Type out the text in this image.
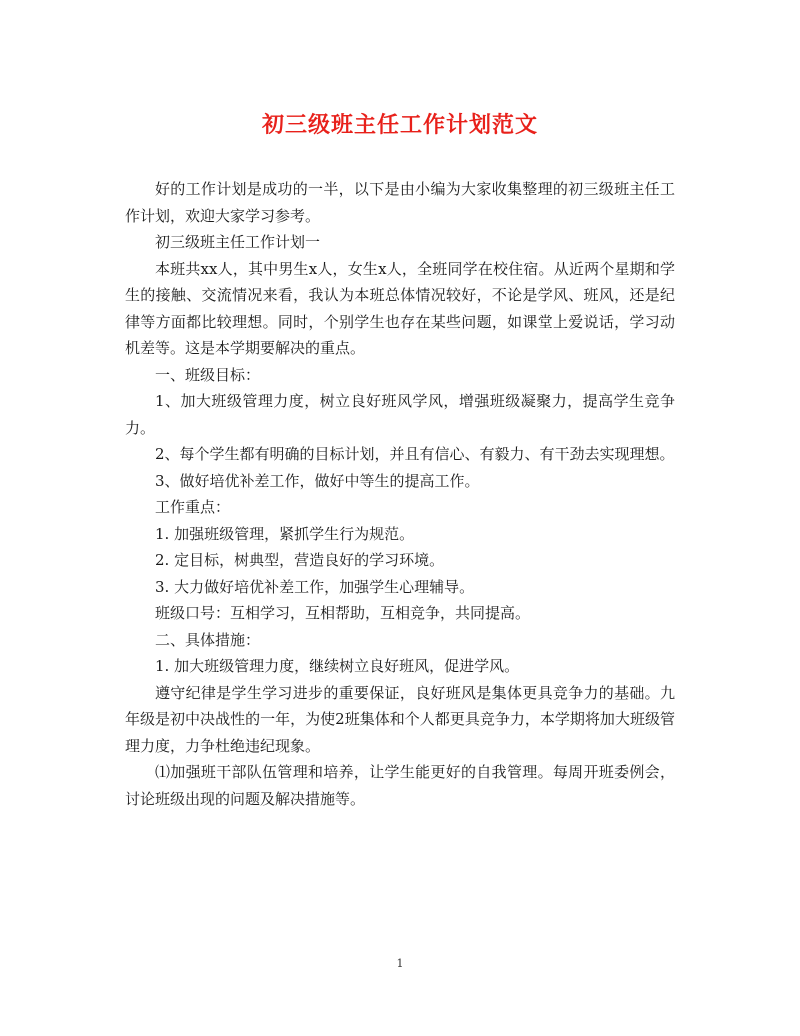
初三级班主任工作计划范文

好的工作计划是成功的一半，以下是由小编为大家收集整理的初三级班主任工作计划，欢迎大家学习参考。

初三级班主任工作计划一

本班共xx人，其中男生x人，女生x人，全班同学在校住宿。从近两个星期和学生的接触、交流情况来看，我认为本班总体情况较好，不论是学风、班风，还是纪律等方面都比较理想。同时，个别学生也存在某些问题，如课堂上爱说话，学习动机差等。这是本学期要解决的重点。

一、班级目标：

1、加大班级管理力度，树立良好班风学风，增强班级凝聚力，提高学生竞争力。

2、每个学生都有明确的目标计划，并且有信心、有毅力、有干劲去实现理想。

3、做好培优补差工作，做好中等生的提高工作。

工作重点：

1. 加强班级管理，紧抓学生行为规范。

2. 定目标，树典型，营造良好的学习环境。

3. 大力做好培优补差工作，加强学生心理辅导。

班级口号：互相学习，互相帮助，互相竞争，共同提高。

二、具体措施：

1. 加大班级管理力度，继续树立良好班风，促进学风。

遵守纪律是学生学习进步的重要保证，良好班风是集体更具竞争力的基础。九年级是初中决战性的一年，为使2班集体和个人都更具竞争力，本学期将加大班级管理力度，力争杜绝违纪现象。

⑴加强班干部队伍管理和培养，让学生能更好的自我管理。每周开班委例会，讨论班级出现的问题及解决措施等。

1
